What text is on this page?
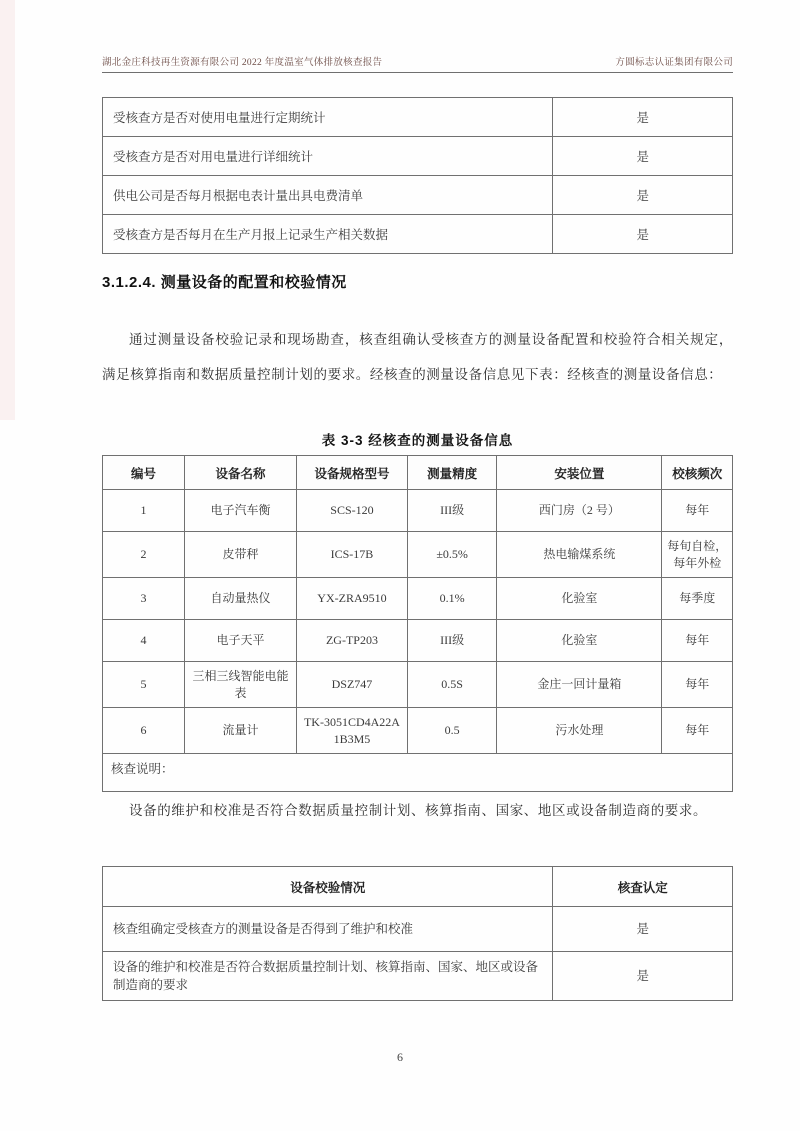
湖北金庄科技再生资源有限公司 2022 年度温室气体排放核查报告	方圆标志认证集团有限公司
受核查方是否对使用电量进行定期统计	是
受核查方是否对用电量进行详细统计	是
供电公司是否每月根据电表计量出具电费清单	是
受核查方是否每月在生产月报上记录生产相关数据	是
3.1.2.4. 测量设备的配置和校验情况
通过测量设备校验记录和现场勘查，核查组确认受核查方的测量设备配置和校验符合相关规定，满足核算指南和数据质量控制计划的要求。经核查的测量设备信息见下表：经核查的测量设备信息：
表 3-3 经核查的测量设备信息
编号	设备名称	设备规格型号	测量精度	安装位置	校核频次
1	电子汽车衡	SCS-120	III级	西门房（2 号）	每年
2	皮带秤	ICS-17B	±0.5%	热电输煤系统	每旬自检，每年外检
3	自动量热仪	YX-ZRA9510	0.1%	化验室	每季度
4	电子天平	ZG-TP203	III级	化验室	每年
5	三相三线智能电能表	DSZ747	0.5S	金庄一回计量箱	每年
6	流量计	TK-3051CD4A22A1B3M5	0.5	污水处理	每年
核查说明：					
设备的维护和校准是否符合数据质量控制计划、核算指南、国家、地区或设备制造商的要求。
设备校验情况	核查认定
核查组确定受核查方的测量设备是否得到了维护和校准	是
设备的维护和校准是否符合数据质量控制计划、核算指南、国家、地区或设备制造商的要求	是
6
